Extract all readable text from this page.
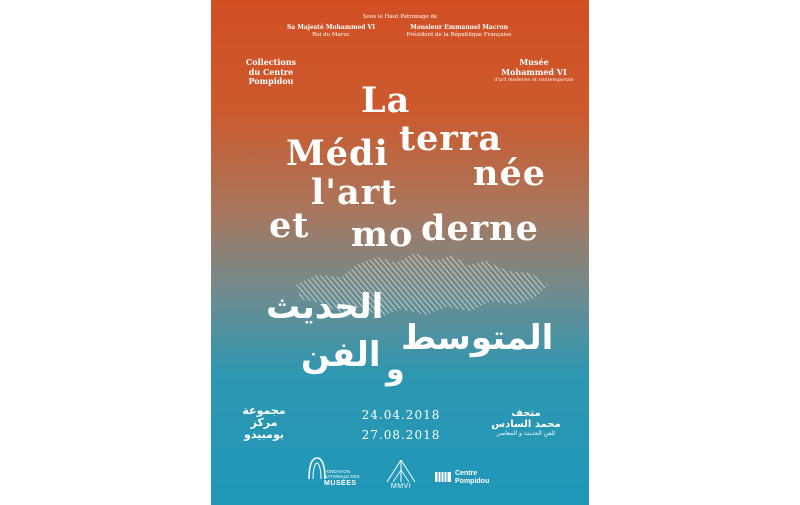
Sous le Haut Patronage de
Sa Majesté Mohammed VI
Roi du Maroc
Monsieur Emmanuel Macron
Président de la République Française
Collections
du Centre
Pompidou
Musée
Mohammed VI
d'art moderne et contemporain
La
terra
Médi née
l'art
et mo derne
الحديث
المتوسط
الفن و
مجموعة
مركز
بومبيدو
24.04.2018
27.08.2018
متحف
محمد السادس
للفن الحديث و المعاصر
FONDATION
NATIONALE DES
MUSÉES	MMVI
Centre
Pompidou
